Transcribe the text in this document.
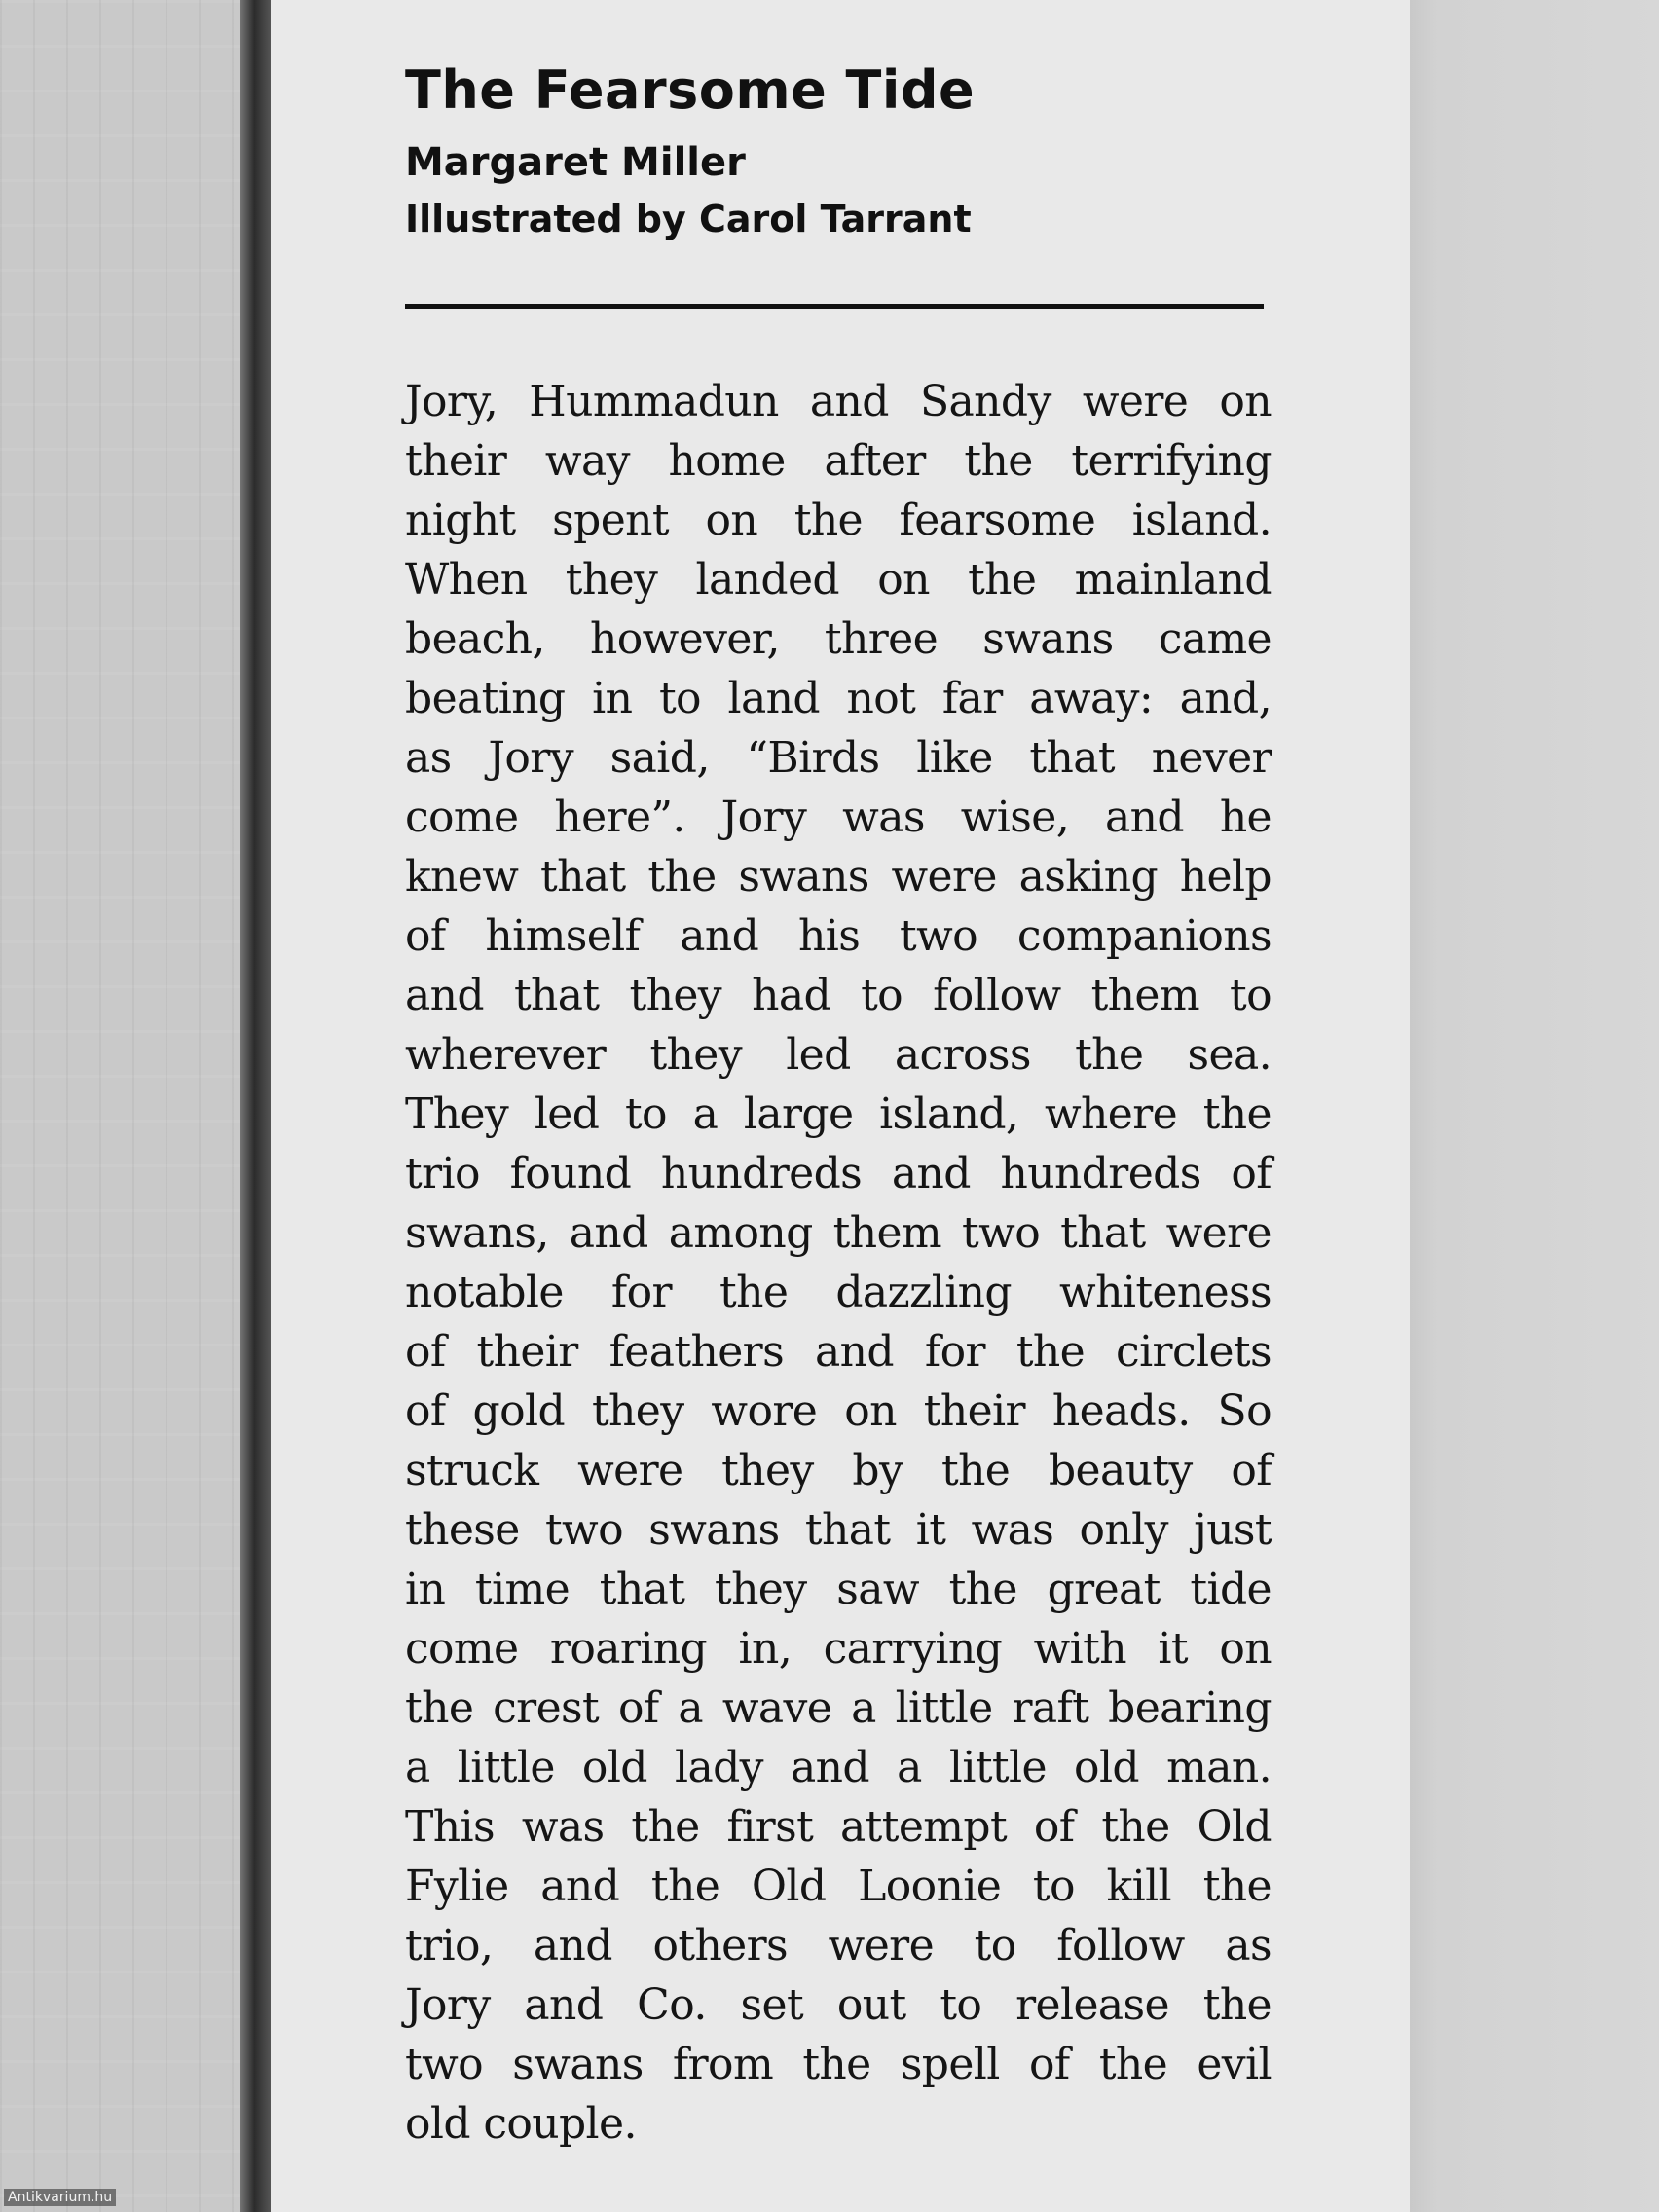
The Fearsome Tide
Margaret Miller
Illustrated by Carol Tarrant
Jory, Hummadun and Sandy were on
their way home after the terrifying
night spent on the fearsome island.
When they landed on the mainland
beach, however, three swans came
beating in to land not far away: and,
as Jory said, “Birds like that never
come here”. Jory was wise, and he
knew that the swans were asking help
of himself and his two companions
and that they had to follow them to
wherever they led across the sea.
They led to a large island, where the
trio found hundreds and hundreds of
swans, and among them two that were
notable for the dazzling whiteness
of their feathers and for the circlets
of gold they wore on their heads. So
struck were they by the beauty of
these two swans that it was only just
in time that they saw the great tide
come roaring in, carrying with it on
the crest of a wave a little raft bearing
a little old lady and a little old man.
This was the first attempt of the Old
Fylie and the Old Loonie to kill the
trio, and others were to follow as
Jory and Co. set out to release the
two swans from the spell of the evil
old couple.
Antikvarium.hu
